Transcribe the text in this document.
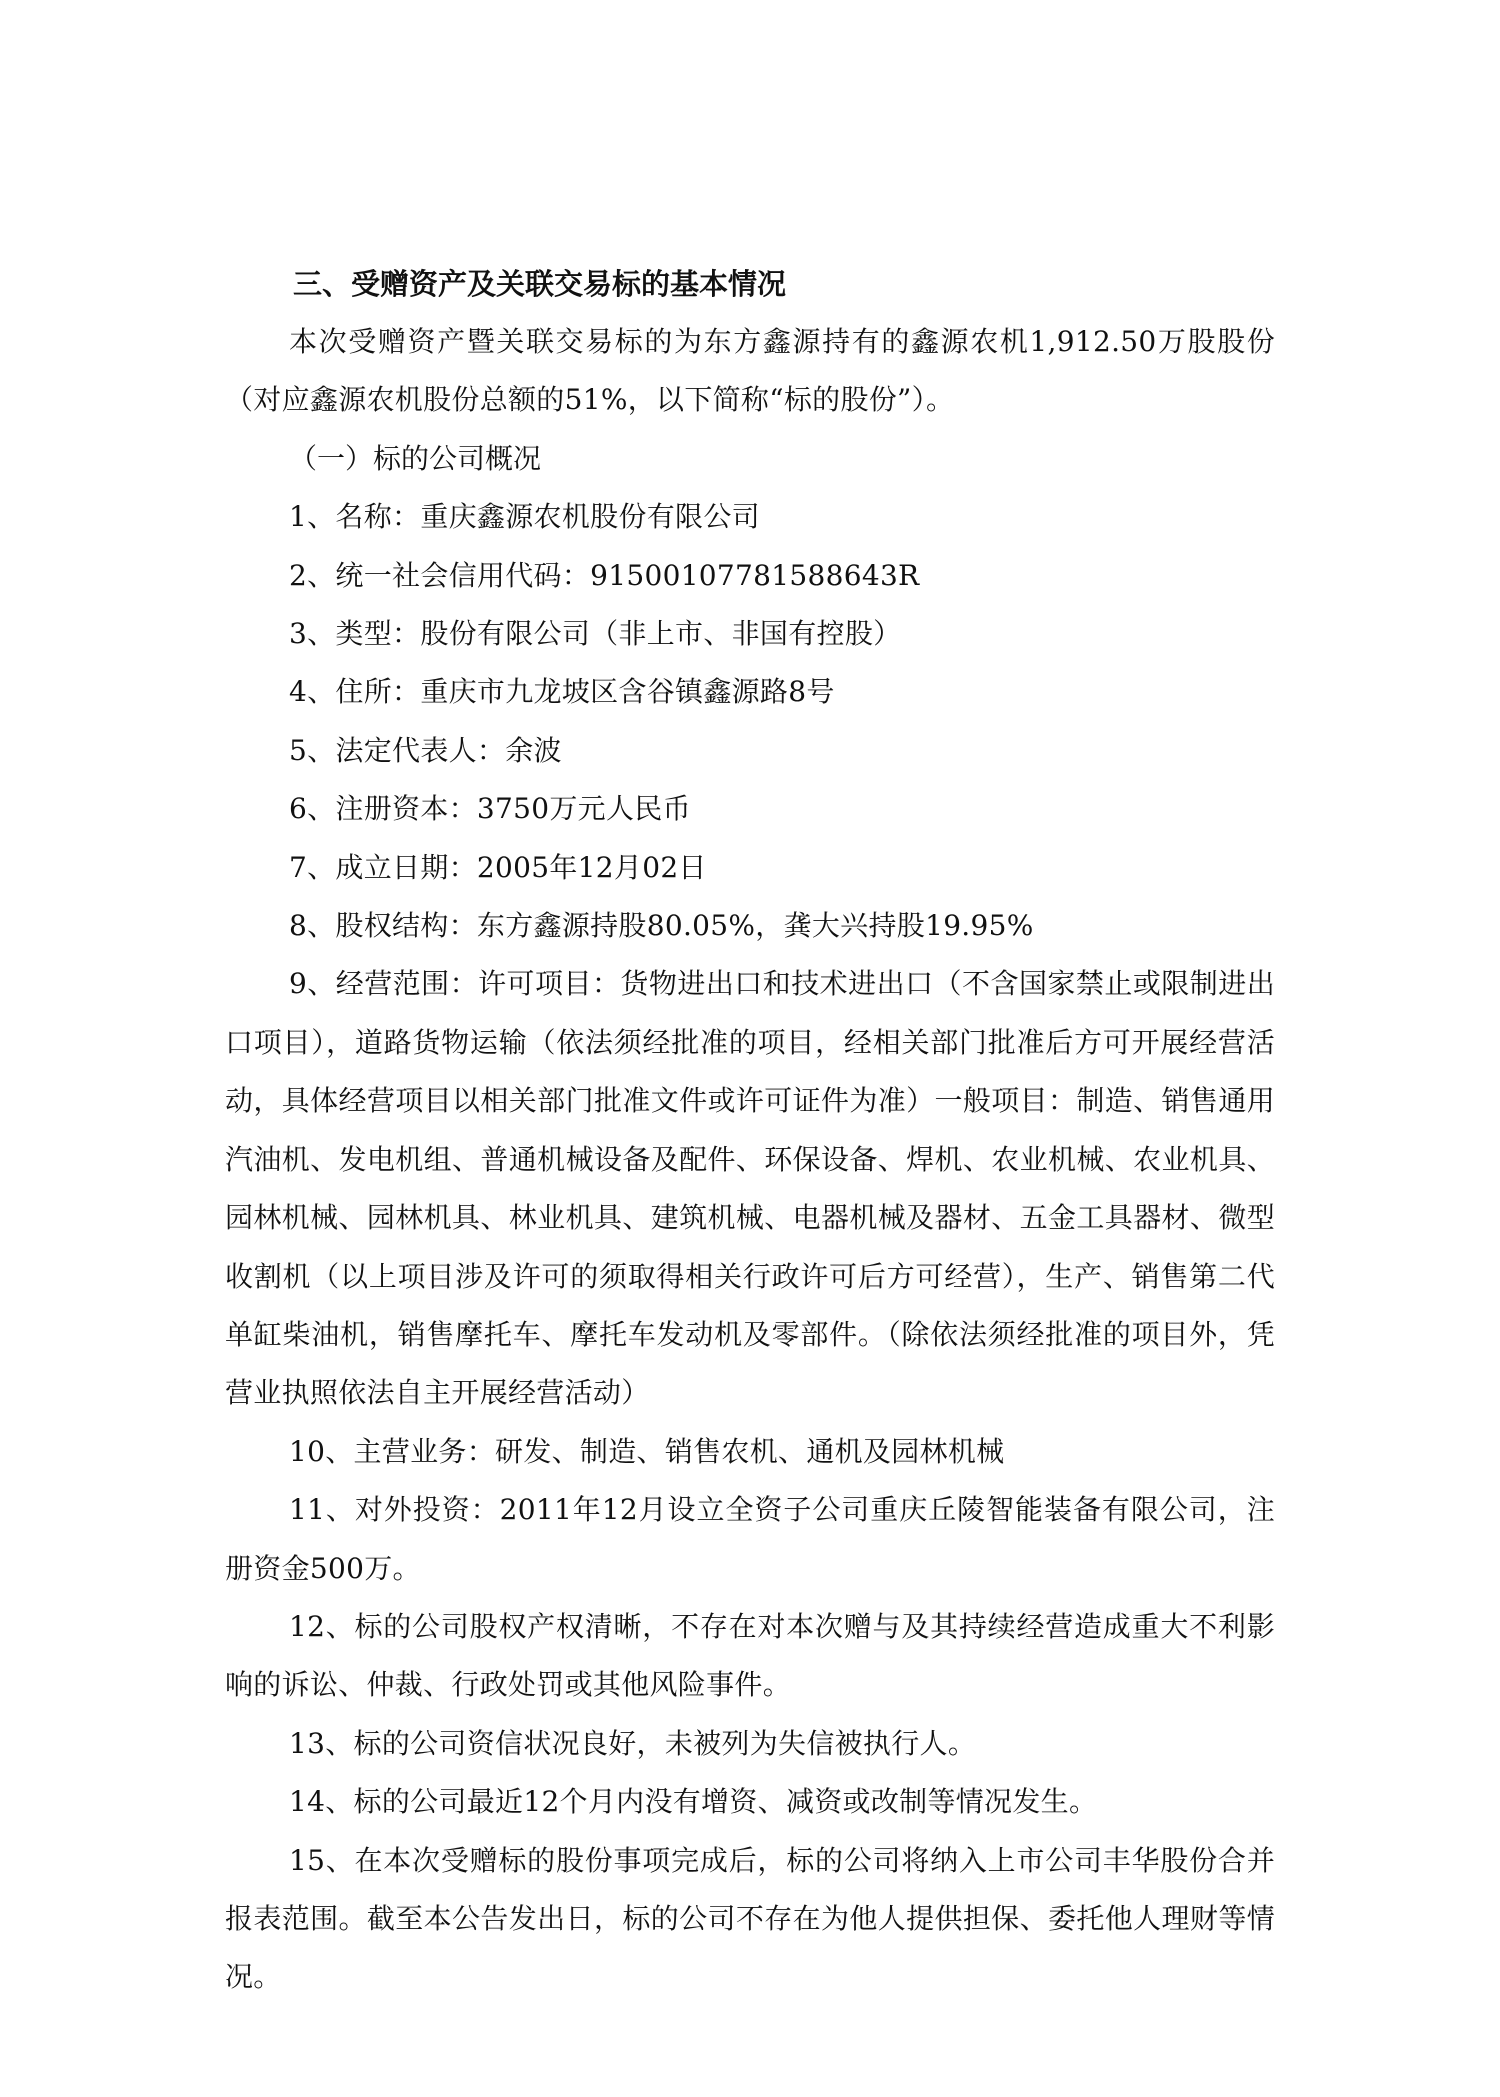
三、受赠资产及关联交易标的基本情况

本次受赠资产暨关联交易标的为东方鑫源持有的鑫源农机1,912.50万股股份（对应鑫源农机股份总额的51%，以下简称“标的股份”）。

（一）标的公司概况

1、名称：重庆鑫源农机股份有限公司

2、统一社会信用代码：91500107781588643R

3、类型：股份有限公司（非上市、非国有控股）

4、住所：重庆市九龙坡区含谷镇鑫源路8号

5、法定代表人：余波

6、注册资本：3750万元人民币

7、成立日期：2005年12月02日

8、股权结构：东方鑫源持股80.05%，龚大兴持股19.95%

9、经营范围：许可项目：货物进出口和技术进出口（不含国家禁止或限制进出口项目），道路货物运输（依法须经批准的项目，经相关部门批准后方可开展经营活动，具体经营项目以相关部门批准文件或许可证件为准）一般项目：制造、销售通用汽油机、发电机组、普通机械设备及配件、环保设备、焊机、农业机械、农业机具、园林机械、园林机具、林业机具、建筑机械、电器机械及器材、五金工具器材、微型收割机（以上项目涉及许可的须取得相关行政许可后方可经营），生产、销售第二代单缸柴油机，销售摩托车、摩托车发动机及零部件。（除依法须经批准的项目外，凭营业执照依法自主开展经营活动）

10、主营业务：研发、制造、销售农机、通机及园林机械

11、对外投资：2011年12月设立全资子公司重庆丘陵智能装备有限公司，注册资金500万。

12、标的公司股权产权清晰，不存在对本次赠与及其持续经营造成重大不利影响的诉讼、仲裁、行政处罚或其他风险事件。

13、标的公司资信状况良好，未被列为失信被执行人。

14、标的公司最近12个月内没有增资、减资或改制等情况发生。

15、在本次受赠标的股份事项完成后，标的公司将纳入上市公司丰华股份合并报表范围。截至本公告发出日，标的公司不存在为他人提供担保、委托他人理财等情况。
